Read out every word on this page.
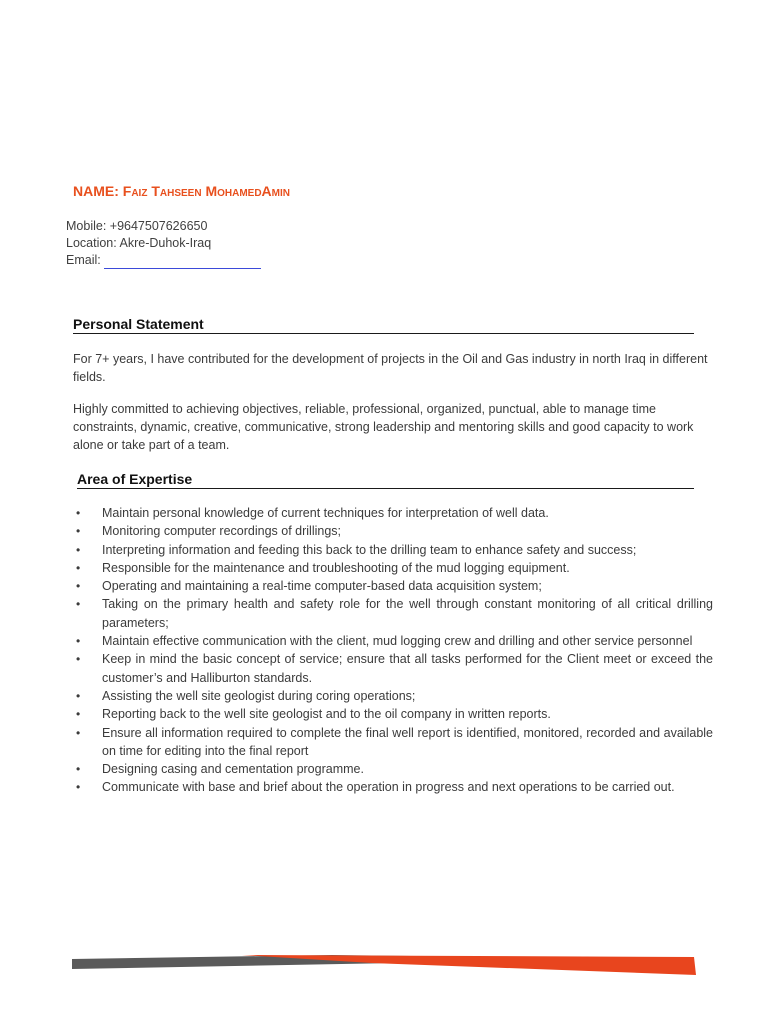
NAME: Faiz Tahseen MohamedAmin
Mobile: +9647507626650
Location: Akre-Duhok-Iraq
Email:
Personal Statement

For 7+ years, I have contributed for the development of projects in the Oil and Gas industry in north Iraq in different fields.

Highly committed to achieving objectives, reliable, professional, organized, punctual, able to manage time constraints, dynamic, creative, communicative, strong leadership and mentoring skills and good capacity to work alone or take part of a team.

Area of Expertise
• Maintain personal knowledge of current techniques for interpretation of well data.
• Monitoring computer recordings of drillings;
• Interpreting information and feeding this back to the drilling team to enhance safety and success;
• Responsible for the maintenance and troubleshooting of the mud logging equipment.
• Operating and maintaining a real-time computer-based data acquisition system;
• Taking on the primary health and safety role for the well through constant monitoring of all critical drilling parameters;
• Maintain effective communication with the client, mud logging crew and drilling and other service personnel
• Keep in mind the basic concept of service; ensure that all tasks performed for the Client meet or exceed the customer’s and Halliburton standards.
• Assisting the well site geologist during coring operations;
• Reporting back to the well site geologist and to the oil company in written reports.
• Ensure all information required to complete the final well report is identified, monitored, recorded and available on time for editing into the final report
• Designing casing and cementation programme.
• Communicate with base and brief about the operation in progress and next operations to be carried out.
